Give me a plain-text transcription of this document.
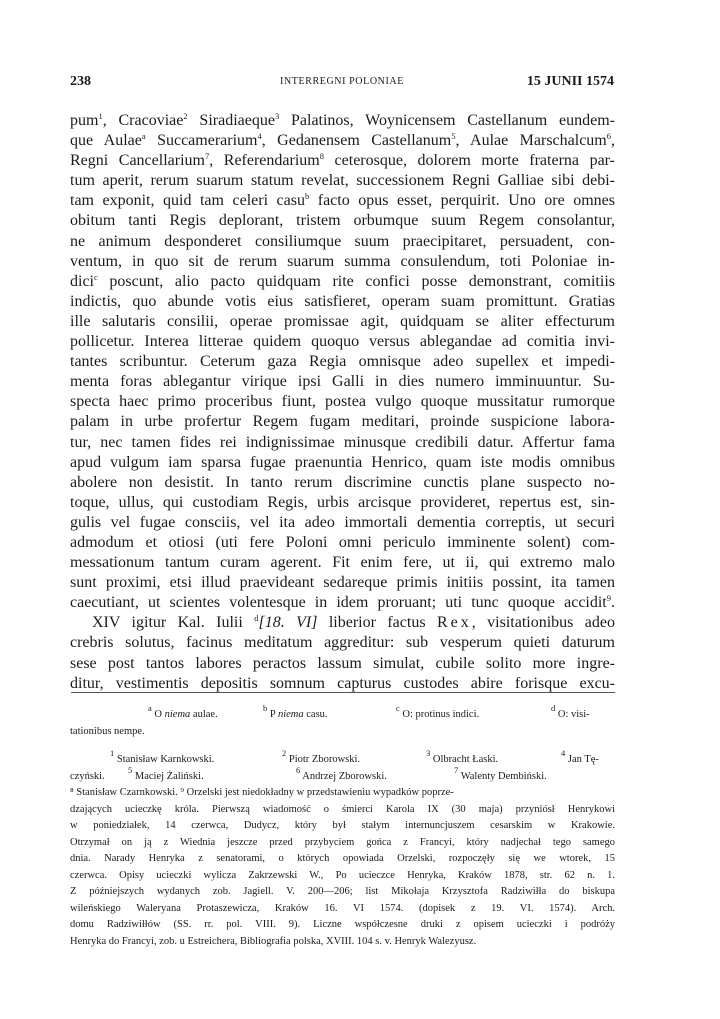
238	INTERREGNI POLONIAE	15 JUNII 1574
pum$^1$, Cracoviae$^2$ Siradiaeque$^3$ Palatinos, Woynicensem Castellanum eundem-
que Aulae$^a$ Succamerarium$^4$, Gedanensem Castellanum$^5$, Aulae Marschalcum$^6$,
Regni Cancellarium$^7$, Referendarium$^8$ ceterosque, dolorem morte fraterna par-
tum aperit, rerum suarum statum revelat, successionem Regni Galliae sibi debi-
tam exponit, quid tam celeri casu$^b$ facto opus esset, perquirit. Uno ore omnes
obitum tanti Regis deplorant, tristem orbumque suum Regem consolantur,
ne animum desponderet consiliumque suum praecipitaret, persuadent, con-
ventum, in quo sit de rerum suarum summa consulendum, toti Poloniae in-
dici$^c$ poscunt, alio pacto quidquam rite confici posse demonstrant, comitiis
indictis, quo abunde votis eius satisfieret, operam suam promittunt. Gratias
ille salutaris consilii, operae promissae agit, quidquam se aliter effecturum
pollicetur. Interea litterae quidem quoquo versus ablegandae ad comitia invi-
tantes scribuntur. Ceterum gaza Regia omnisque adeo supellex et impedi-
menta foras ablegantur virique ipsi Galli in dies numero imminuuntur. Su-
specta haec primo proceribus fiunt, postea vulgo quoque mussitatur rumorque
palam in urbe profertur Regem fugam meditari, proinde suspicione labora-
tur, nec tamen fides rei indignissimae minusque credibili datur. Affertur fama
apud vulgum iam sparsa fugae praenuntia Henrico, quam iste modis omnibus
abolere non desistit. In tanto rerum discrimine cunctis plane suspecto no-
toque, ullus, qui custodiam Regis, urbis arcisque provideret, repertus est, sin-
gulis vel fugae consciis, vel ita adeo immortali dementia correptis, ut securi
admodum et otiosi (uti fere Poloni omni periculo imminente solent) com-
messationum tantum curam agerent. Fit enim fere, ut ii, qui extremo malo
sunt proximi, etsi illud praevideant sedareque primis initiis possint, ita tamen
caecutiant, ut scientes volentesque in idem proruant; uti tunc quoque accidit$^9$.
XIV igitur Kal. Iulii $^d$[18. VI] liberior factus Rex, visitationibus adeo
crebris solutus, facinus meditatum aggreditur: sub vesperum quieti daturum
sese post tantos labores peractos lassum simulat, cubile solito more ingre-
ditur, vestimentis depositis somnum capturus custodes abire forisque excu-
$^a$ O niema aulae.
$^b$ P niema casu.
$^c$ O: protinus indici.
$^d$ O: visi-
tationibus nempe.
$^1$ Stanisław Karnkowski.
$^2$ Piotr Zborowski.
$^3$ Olbracht Łaski.
$^4$ Jan Tę-
czyński.
$^5$ Maciej Żaliński.
$^6$ Andrzej Zborowski.
$^7$ Walenty Dembiński.
⁸ Stanisław Czarnkowski. ⁹ Orzelski jest niedokładny w przedstawieniu wypadków poprze-
dzających ucieczkę króla. Pierwszą wiadomość o śmierci Karola IX (30 maja) przyniósł Henrykowi
w poniedziałek, 14 czerwca, Dudycz, który był stałym internuncjuszem cesarskim w Krakowie.
Otrzymał on ją z Wiednia jeszcze przed przybyciem gońca z Francyi, który nadjechał tego samego
dnia. Narady Henryka z senatorami, o których opowiada Orzelski, rozpoczęły się we wtorek, 15
czerwca. Opisy ucieczki wylicza Zakrzewski W., Po ucieczce Henryka, Kraków 1878, str. 62 n. 1.
Z późniejszych wydanych zob. Jagiell. V. 200—206; list Mikołaja Krzysztofa Radziwiłła do biskupa
wileńskiego Waleryana Protaszewicza, Kraków 16. VI 1574. (dopisek z 19. VI. 1574). Arch.
domu Radziwiłłów (SS. rr. pol. VIII. 9). Liczne współczesne druki z opisem ucieczki i podróży
Henryka do Francyi, zob. u Estreichera, Bibliografia polska, XVIII. 104 s. v. Henryk Walezyusz.
